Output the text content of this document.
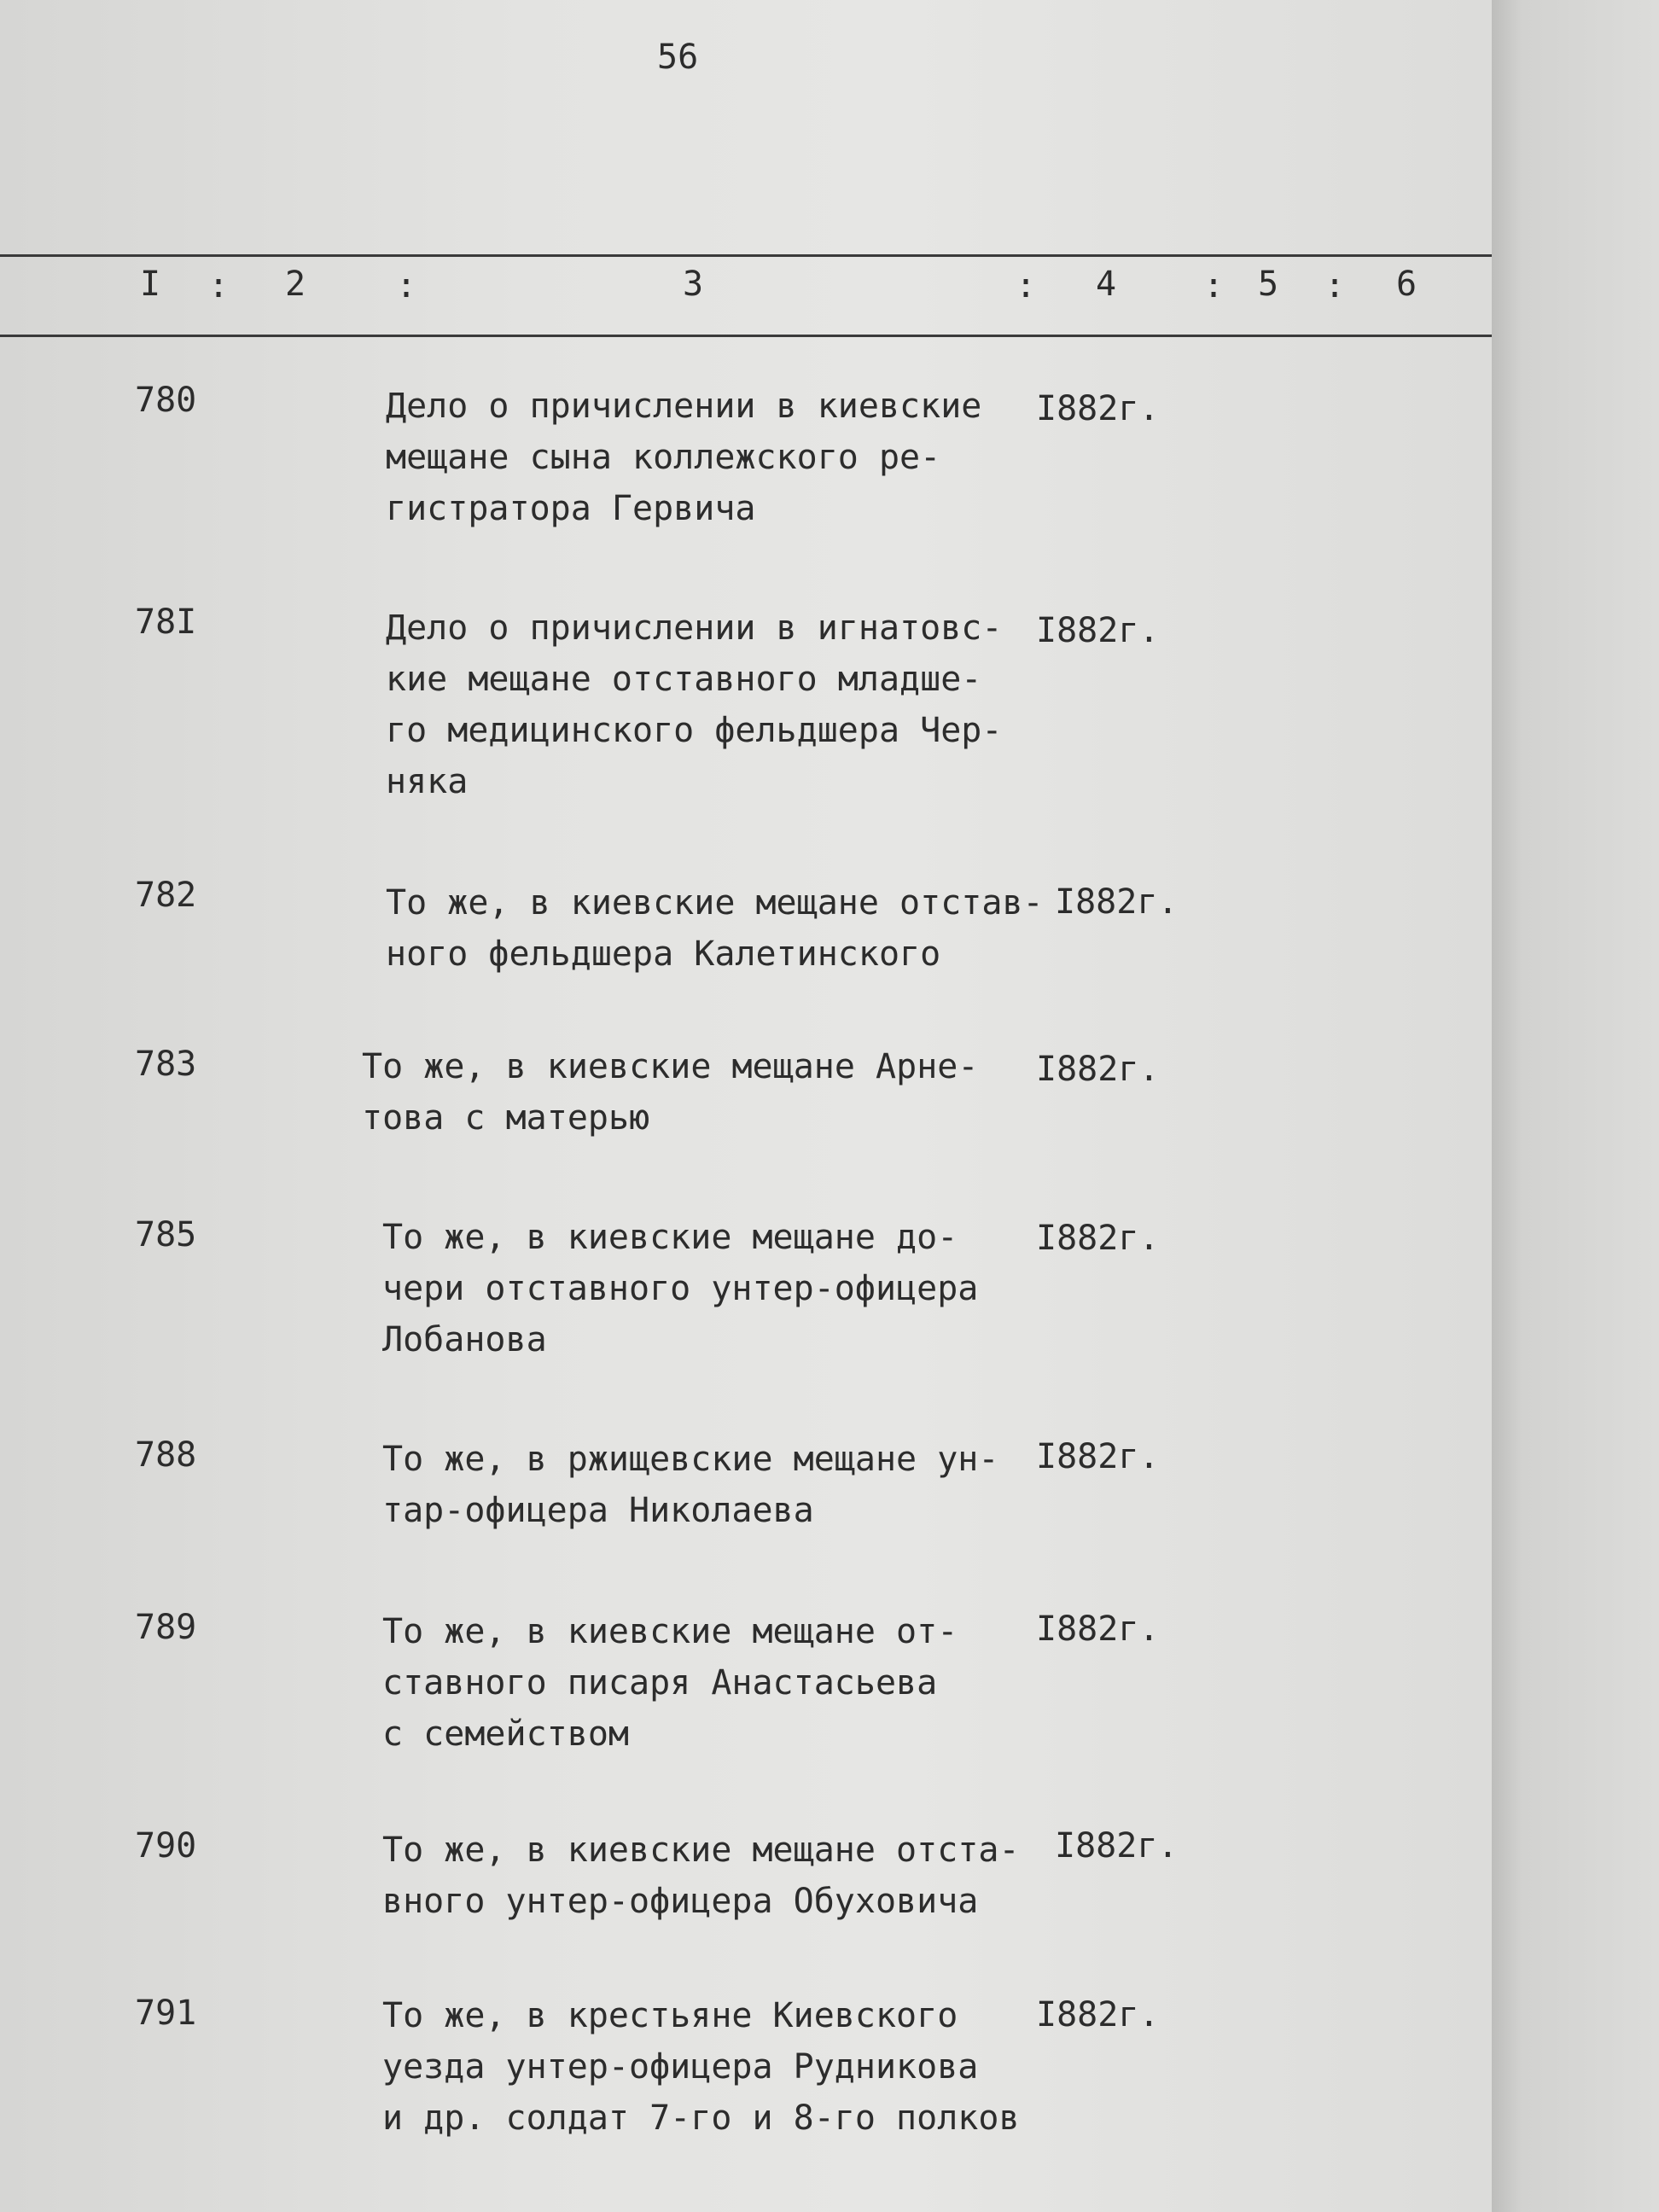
56
I : 2	:	3	: 4	: 5 : 6
780	Дело о причислении в киевские
мещане сына коллежского ре-
гистратора Гервича
I882г.
78I	Дело о причислении в игнатовс-
кие мещане отставного младше-
го медицинского фельдшера Чер-
няка
I882г.
782	То же, в киевские мещане отстав-
ного фельдшера Калетинского
I882г.
783	То же, в киевские мещане Арне-
това с матерью
I882г.
785	То же, в киевские мещане до-
чери отставного унтер-офицера
Лобанова
I882г.
788	То же, в ржищевские мещане ун-
тар-офицера Николаева
I882г.
789	То же, в киевские мещане от-
ставного писаря Анастасьева
с семейством
I882г.
790	То же, в киевские мещане отста-
вного унтер-офицера Обуховича
I882г.
791	То же, в крестьяне Киевского
уезда унтер-офицера Рудникова
и др. солдат 7-го и 8-го полков
I882г.
